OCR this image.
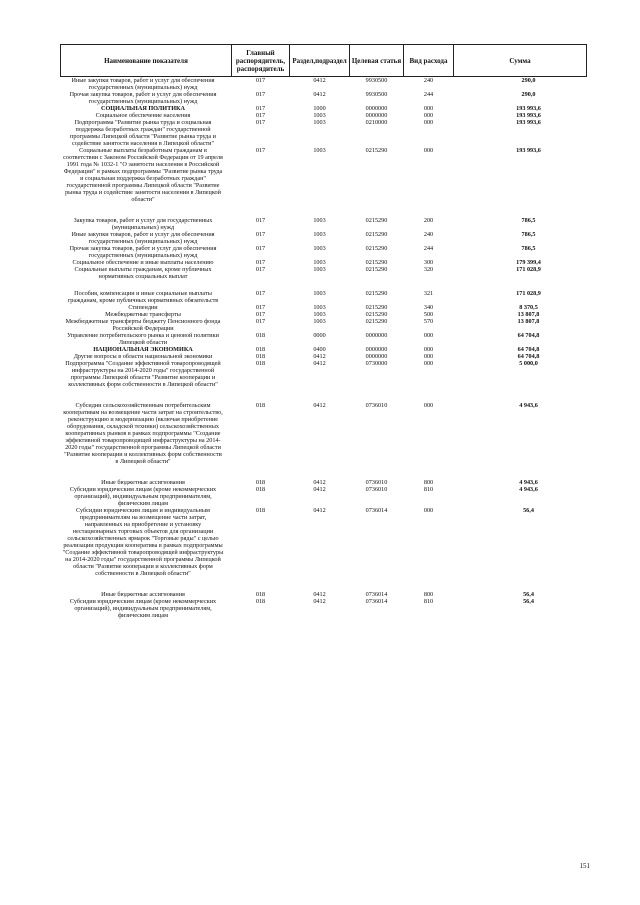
Наименование показателя	Главный распорядитель, распорядитель	Раздел,подраздел	Целевая статья	Вид расхода	Сумма
Иные закупки товаров, работ и услуг для обеспечения государственных (муниципальных) нужд	017	0412	9930500	240	290,0
Прочая закупка товаров, работ и услуг для обеспечения государственных (муниципальных) нужд	017	0412	9930500	244	290,0
СОЦИАЛЬНАЯ ПОЛИТИКА	017	1000	0000000	000	193 993,6
Социальное обеспечение населения	017	1003	0000000	000	193 993,6
Подпрограмма "Развитие рынка труда и социальная поддержка безработных граждан" государственной программы Липецкой области "Развитие рынка труда и содействие занятости населения в Липецкой области"	017	1003	0210000	000	193 993,6
Социальные выплаты безработным гражданам в соответствии с Законом Российской Федерации от 19 апреля 1991 года № 1032-1 "О занятости населения в Российской Федерации" в рамках подпрограммы "Развитие рынка труда и социальная поддержка безработных граждан" государственной программы Липецкой области "Развитие рынка труда и содействие занятости населения в Липецкой области"	017	1003	0215290	000	193 993,6
Закупка товаров, работ и услуг для государственных (муниципальных) нужд	017	1003	0215290	200	786,5
Иные закупки товаров, работ и услуг для обеспечения государственных (муниципальных) нужд	017	1003	0215290	240	786,5
Прочая закупка товаров, работ и услуг для обеспечения государственных (муниципальных) нужд	017	1003	0215290	244	786,5
Социальное обеспечение и иные выплаты населению	017	1003	0215290	300	179 399,4
Социальные выплаты гражданам, кроме публичных нормативных социальных выплат	017	1003	0215290	320	171 028,9
Пособия, компенсации и иные социальные выплаты гражданам, кроме публичных нормативных обязательств	017	1003	0215290	321	171 028,9
Стипендии	017	1003	0215290	340	8 370,5
Межбюджетные трансферты	017	1003	0215290	500	13 807,8
Межбюджетные трансферты бюджету Пенсионного фонда Российской Федерации	017	1003	0215290	570	13 807,8
Управление потребительского рынка и ценовой политики Липецкой области	018	0000	0000000	000	64 704,8
НАЦИОНАЛЬНАЯ ЭКОНОМИКА	018	0400	0000000	000	64 704,8
Другие вопросы в области национальной экономики	018	0412	0000000	000	64 704,8
Подпрограмма "Создание эффективной товаропроводящей инфраструктуры на 2014-2020 годы" государственной программы Липецкой области "Развитие кооперации и коллективных форм собственности в Липецкой области"	018	0412	0730000	000	5 000,0
Субсидии сельскохозяйственным потребительским кооперативам на возмещение части затрат на строительство, реконструкцию и модернизацию (включая приобретение оборудования, складской техники) сельскохозяйственных кооперативных рынков в рамках подпрограммы "Создание эффективной товаропроводящей инфраструктуры на 2014-2020 годы" государственной программы Липецкой области "Развитие кооперации и коллективных форм собственности в Липецкой области"	018	0412	0736010	000	4 943,6
Иные бюджетные ассигнования	018	0412	0736010	800	4 943,6
Субсидии юридическим лицам (кроме некоммерческих организаций), индивидуальным предпринимателям, физическим лицам	018	0412	0736010	810	4 943,6
Субсидии юридическим лицам и индивидуальным предпринимателям на возмещение части затрат, направленных на приобретение и установку нестационарных торговых объектов для организации сельскохозяйственных ярмарок "Торговые ряды" с целью реализации продукции кооператива в рамках подпрограммы "Создание эффективной товаропроводящей инфраструктуры на 2014-2020 годы" государственной программы Липецкой области "Развитие кооперации и коллективных форм собственности в Липецкой области"	018	0412	0736014	000	56,4
Иные бюджетные ассигнования	018	0412	0736014	800	56,4
Субсидии юридическим лицам (кроме некоммерческих организаций), индивидуальным предпринимателям, физическим лицам	018	0412	0736014	810	56,4
151
